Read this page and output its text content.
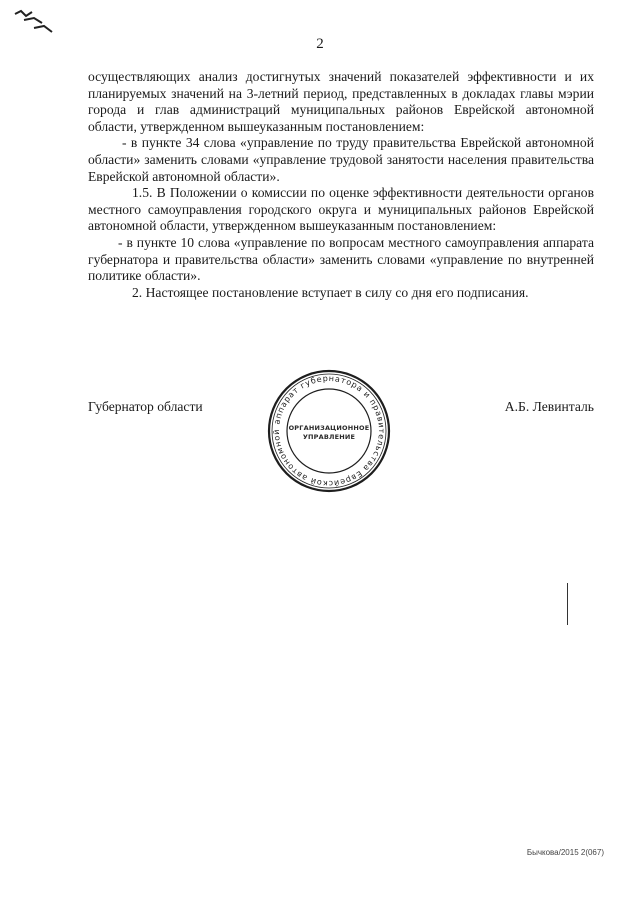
2

осуществляющих анализ достигнутых значений показателей эффективности и их планируемых значений на 3-летний период, представленных в докладах главы мэрии города и глав администраций муниципальных районов Еврейской автономной области, утвержденном вышеуказанным постановлением:

- в пункте 34 слова «управление по труду правительства Еврейской автономной области» заменить словами «управление трудовой занятости населения правительства Еврейской автономной области».

1.5. В Положении о комиссии по оценке эффективности деятельности органов местного самоуправления городского округа и муниципальных районов Еврейской автономной области, утвержденном вышеуказанным постановлением:

- в пункте 10 слова «управление по вопросам местного самоуправления аппарата губернатора и правительства области» заменить словами «управление по внутренней политике области».

2. Настоящее постановление вступает в силу со дня его подписания.

Губернатор области	А.Б. Левинталь
аппарат губернатора и правительства Еврейской автономной	ОРГАНИЗАЦИОННОЕ
УПРАВЛЕНИЕ
Бычкова/2015 2(067)
